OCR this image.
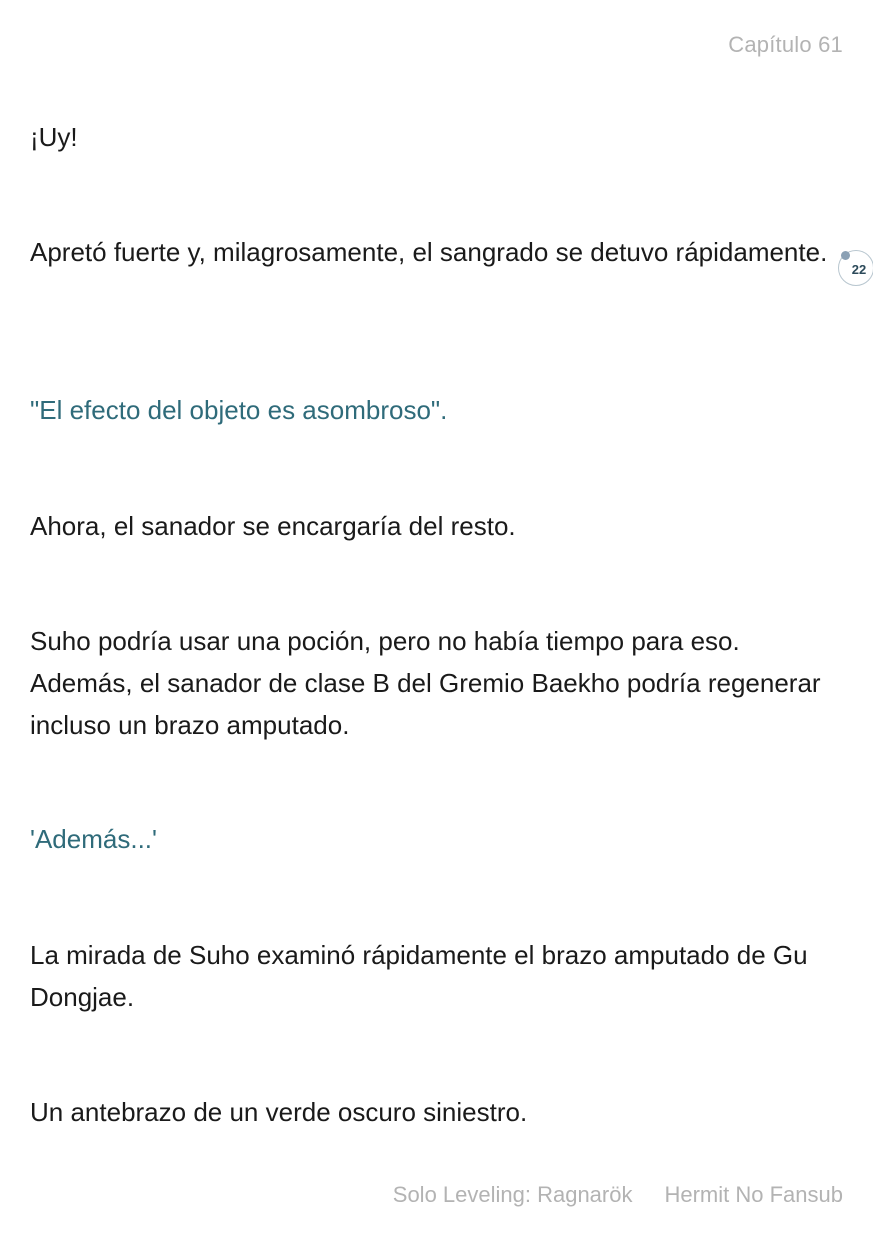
Capítulo 61

¡Uy!

Apretó fuerte y, milagrosamente, el sangrado se detuvo rápidamente.

22

"El efecto del objeto es asombroso".

Ahora, el sanador se encargaría del resto.

Suho podría usar una poción, pero no había tiempo para eso. Además, el sanador de clase B del Gremio Baekho podría regenerar incluso un brazo amputado.

'Además...'

La mirada de Suho examinó rápidamente el brazo amputado de Gu Dongjae.

Un antebrazo de un verde oscuro siniestro.

Solo Leveling: Ragnarök Hermit No Fansub
